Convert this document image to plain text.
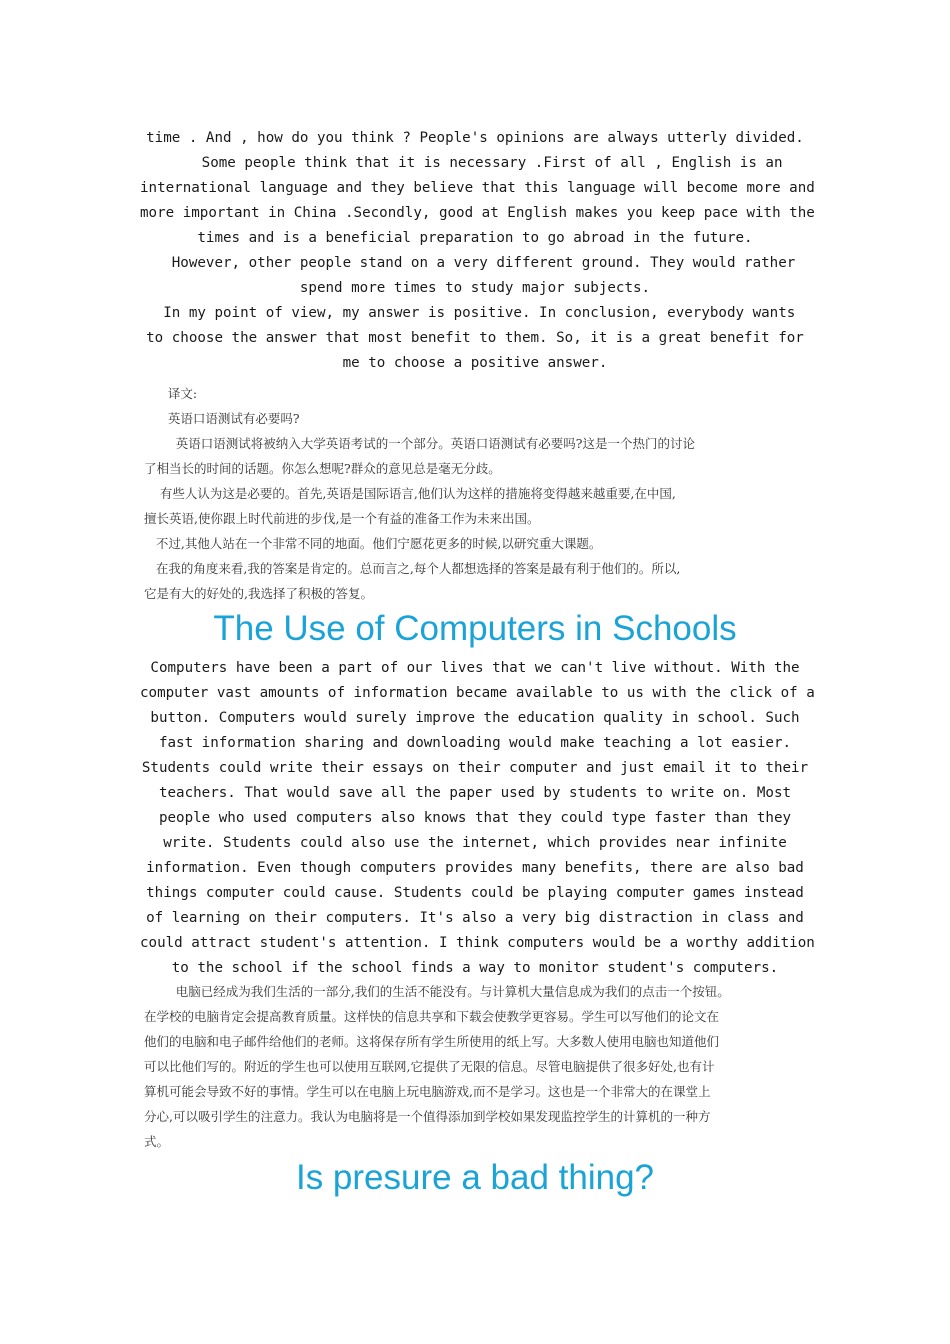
time . And , how do you think ? People's opinions are always utterly divided.

Some people think that it is necessary .First of all , English is an

international language and they believe that this language will become more and

more important in China .Secondly, good at English makes you keep pace with the

times and is a beneficial preparation to go abroad in the future.

However, other people stand on a very different ground. They would rather

spend more times to study major subjects.

In my point of view, my answer is positive. In conclusion, everybody wants

to choose the answer that most benefit to them. So, it is a great benefit for

me to choose a positive answer.

译文:

英语口语测试有必要吗?

英语口语测试将被纳入大学英语考试的一个部分。英语口语测试有必要吗?这是一个热门的讨论

了相当长的时间的话题。你怎么想呢?群众的意见总是毫无分歧。

有些人认为这是必要的。首先,英语是国际语言,他们认为这样的措施将变得越来越重要,在中国,

擅长英语,使你跟上时代前进的步伐,是一个有益的准备工作为未来出国。

不过,其他人站在一个非常不同的地面。他们宁愿花更多的时候,以研究重大课题。

在我的角度来看,我的答案是肯定的。总而言之,每个人都想选择的答案是最有利于他们的。所以,

它是有大的好处的,我选择了积极的答复。

The Use of Computers in Schools

Computers have been a part of our lives that we can't live without. With the

computer vast amounts of information became available to us with the click of a

button. Computers would surely improve the education quality in school. Such

fast information sharing and downloading would make teaching a lot easier.

Students could write their essays on their computer and just email it to their

teachers. That would save all the paper used by students to write on. Most

people who used computers also knows that they could type faster than they

write. Students could also use the internet, which provides near infinite

information. Even though computers provides many benefits, there are also bad

things computer could cause. Students could be playing computer games instead

of learning on their computers. It's also a very big distraction in class and

could attract student's attention. I think computers would be a worthy addition

to the school if the school finds a way to monitor student's computers.

电脑已经成为我们生活的一部分,我们的生活不能没有。与计算机大量信息成为我们的点击一个按钮。

在学校的电脑肯定会提高教育质量。这样快的信息共享和下载会使教学更容易。学生可以写他们的论文在

他们的电脑和电子邮件给他们的老师。这将保存所有学生所使用的纸上写。大多数人使用电脑也知道他们

可以比他们写的。附近的学生也可以使用互联网,它提供了无限的信息。尽管电脑提供了很多好处,也有计

算机可能会导致不好的事情。学生可以在电脑上玩电脑游戏,而不是学习。这也是一个非常大的在课堂上

分心,可以吸引学生的注意力。我认为电脑将是一个值得添加到学校如果发现监控学生的计算机的一种方

式。

Is presure a bad thing?
